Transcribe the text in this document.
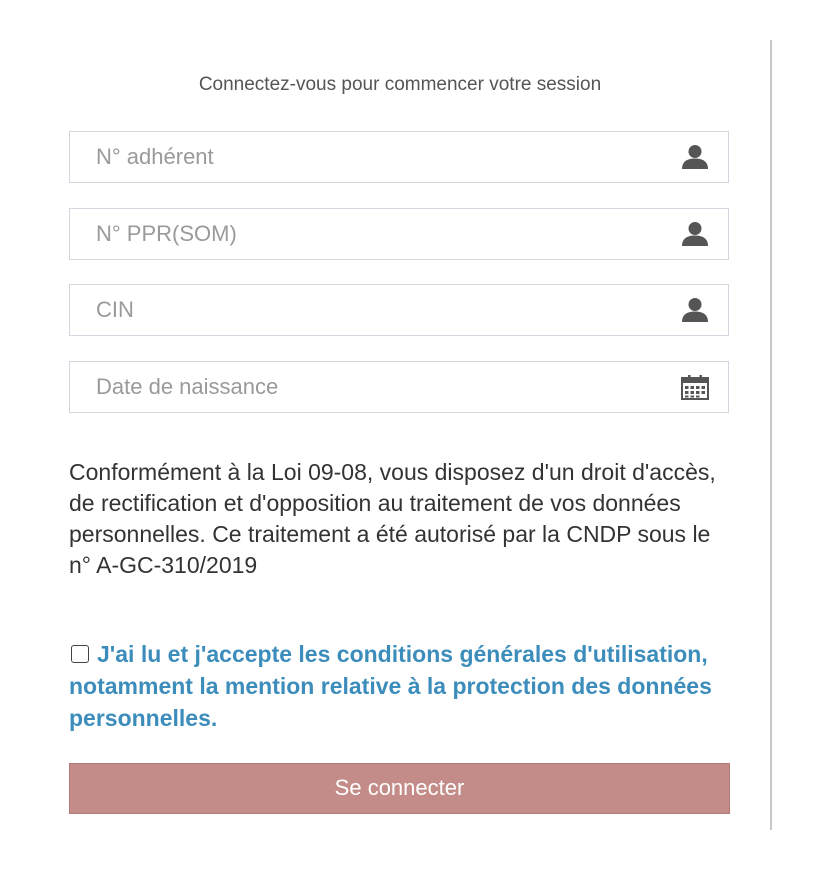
Connectez-vous pour commencer votre session
N° adhérent
N° PPR(SOM)
CIN
Date de naissance

Conformément à la Loi 09-08, vous disposez d'un droit d'accès, de rectification et d'opposition au traitement de vos données personnelles. Ce traitement a été autorisé par la CNDP sous le n° A-GC-310/2019

J'ai lu et j'accepte les conditions générales d'utilisation, notamment la mention relative à la protection des données personnelles.
Se connecter
